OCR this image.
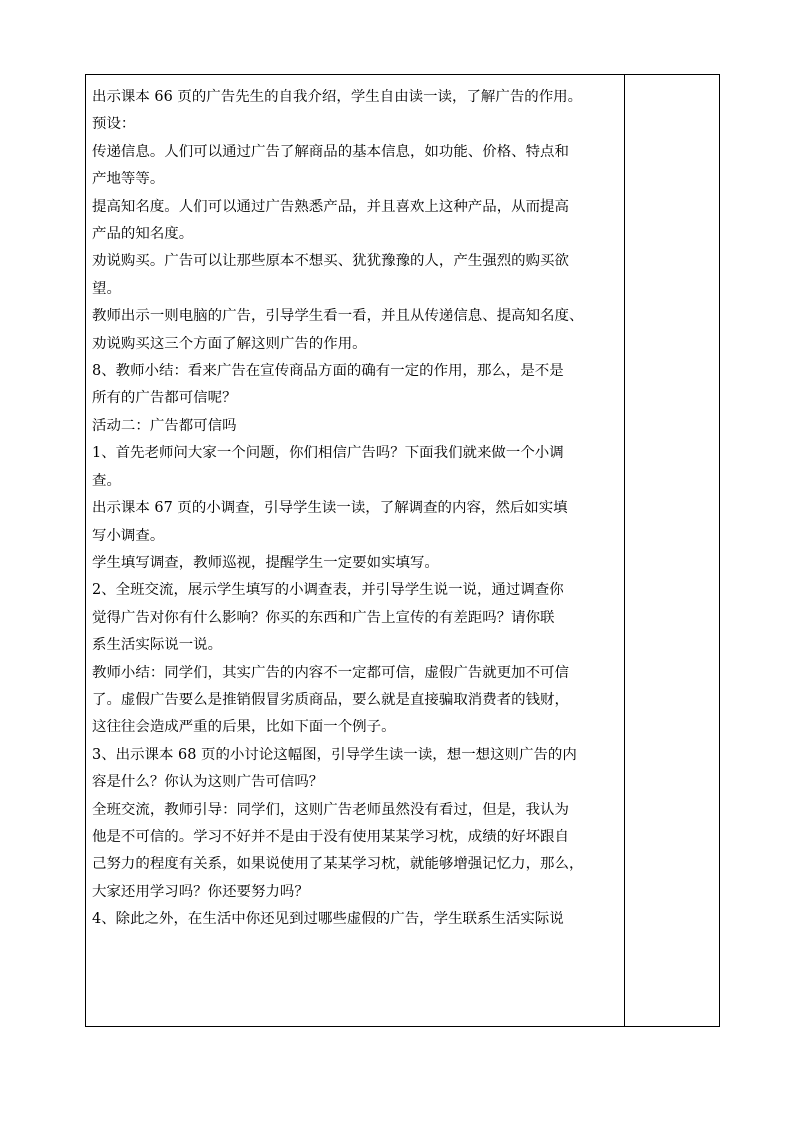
出示课本 66 页的广告先生的自我介绍，学生自由读一读，了解广告的作用。

预设：

传递信息。人们可以通过广告了解商品的基本信息，如功能、价格、特点和

产地等等。

提高知名度。人们可以通过广告熟悉产品，并且喜欢上这种产品，从而提高

产品的知名度。

劝说购买。广告可以让那些原本不想买、犹犹豫豫的人，产生强烈的购买欲

望。

教师出示一则电脑的广告，引导学生看一看，并且从传递信息、提高知名度、

劝说购买这三个方面了解这则广告的作用。

8、教师小结：看来广告在宣传商品方面的确有一定的作用，那么，是不是

所有的广告都可信呢？

活动二：广告都可信吗

1、首先老师问大家一个问题，你们相信广告吗？下面我们就来做一个小调

查。

出示课本 67 页的小调查，引导学生读一读，了解调查的内容，然后如实填

写小调查。

学生填写调查，教师巡视，提醒学生一定要如实填写。

2、全班交流，展示学生填写的小调查表，并引导学生说一说，通过调查你

觉得广告对你有什么影响？你买的东西和广告上宣传的有差距吗？请你联

系生活实际说一说。

教师小结：同学们，其实广告的内容不一定都可信，虚假广告就更加不可信

了。虚假广告要么是推销假冒劣质商品，要么就是直接骗取消费者的钱财，

这往往会造成严重的后果，比如下面一个例子。

3、出示课本 68 页的小讨论这幅图，引导学生读一读，想一想这则广告的内

容是什么？你认为这则广告可信吗？

全班交流，教师引导：同学们，这则广告老师虽然没有看过，但是，我认为

他是不可信的。学习不好并不是由于没有使用某某学习枕，成绩的好坏跟自

己努力的程度有关系，如果说使用了某某学习枕，就能够增强记忆力，那么，

大家还用学习吗？你还要努力吗？

4、除此之外，在生活中你还见到过哪些虚假的广告，学生联系生活实际说
